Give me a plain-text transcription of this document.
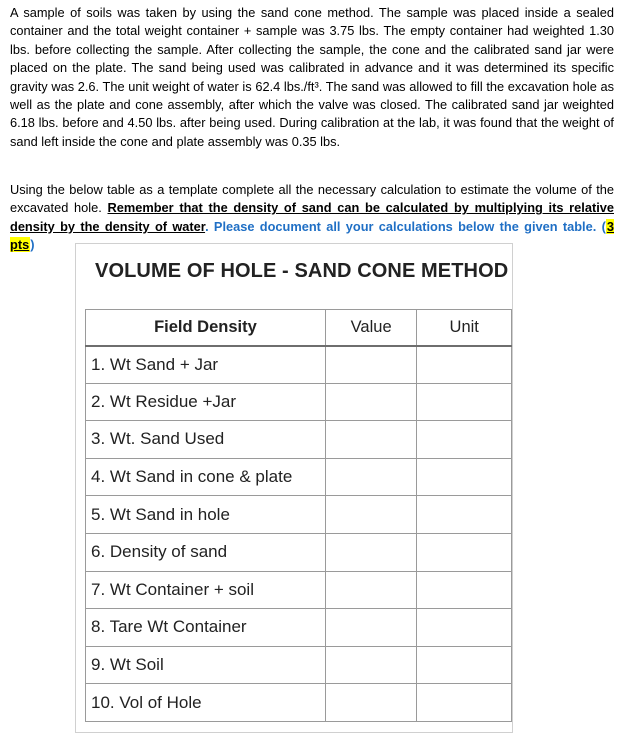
A sample of soils was taken by using the sand cone method. The sample was placed inside a sealed container and the total weight container + sample was 3.75 lbs. The empty container had weighted 1.30 lbs. before collecting the sample. After collecting the sample, the cone and the calibrated sand jar were placed on the plate. The sand being used was calibrated in advance and it was determined its specific gravity was 2.6. The unit weight of water is 62.4 lbs./ft³. The sand was allowed to fill the excavation hole as well as the plate and cone assembly, after which the valve was closed. The calibrated sand jar weighted 6.18 lbs. before and 4.50 lbs. after being used. During calibration at the lab, it was found that the weight of sand left inside the cone and plate assembly was 0.35 lbs.

Using the below table as a template complete all the necessary calculation to estimate the volume of the excavated hole. Remember that the density of sand can be calculated by multiplying its relative density by the density of water. Please document all your calculations below the given table. (3 pts)

VOLUME OF HOLE - SAND CONE METHOD
Field Density	Value	Unit
1. Wt Sand + Jar		
2. Wt Residue +Jar		
3. Wt. Sand Used		
4. Wt Sand in cone & plate		
5. Wt Sand in hole		
6. Density of sand		
7. Wt Container + soil		
8. Tare Wt Container		
9. Wt Soil		
10. Vol of Hole		
